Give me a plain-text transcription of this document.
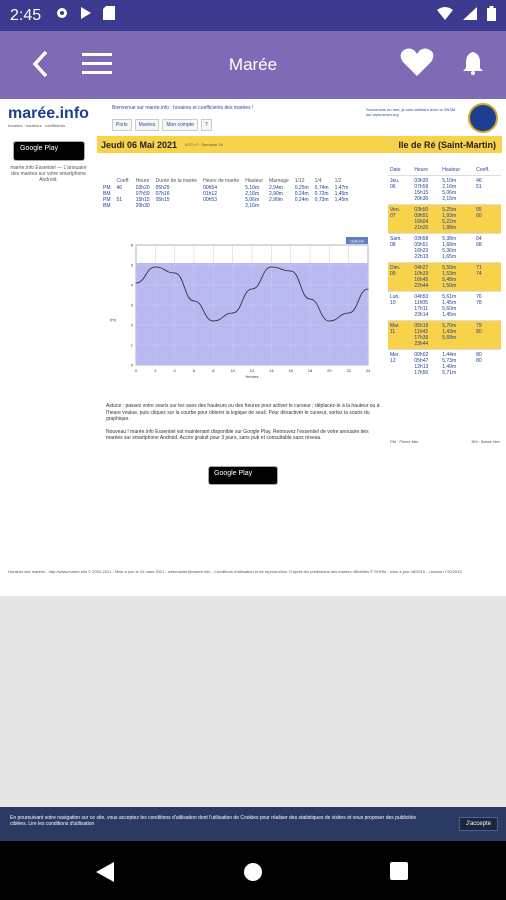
2:45
Marée
marée.info
horaires · hauteurs · coefficients
Bienvenue sur marée.info : horaires et coefficients des marées !
Ports	Marées	Mon compte	?
Souvenons en mer, je suis solidaire avec la SNSM sur www.snsm.org
Google Play
marée.info Essentiel — L'annuaire des marées sur votre smartphone Android.
Jeudi 06 Mai 2021 UTC+2 · Semaine 18	Ile de Ré (Saint-Martin)
	Coeff.	Heure	Durée de la marée	Heure de marée	Hauteur	Marnage	1/12	1/4	1/2
PM	46	03h20	05h29	00h54	5,10m	2,94m	0,25m	0,74m	1,47m
BM		07h59	07h16	01h12	2,16m	2,90m	0,24m	0,72m	1,45m
PM	51	15h15	05h15	00h53	5,06m	2,90m	0,24m	0,73m	1,45m
BM		20h30			2,16m				
0	2	4	6	8	10	12	14	16	18	20	22	24
0
1
2
3
4
5
6
Heures
(m)
Options

Astuce : passez votre souris sur les axes des hauteurs ou des heures pour activer le curseur ; déplacez-le à la hauteur ou à l'heure voulue, puis cliquez sur la courbe pour obtenir la logique de seuil. Pour désactiver le curseur, sortez la souris du graphique.

Nouveau ! marée.info Essentiel est maintenant disponible sur Google Play. Retrouvez l'essentiel de votre annuaire des marées sur smartphone Android. Accès gratuit pour 3 jours, sans pub et consultable sans réseau.

Google Play
Date	Heure	Hauteur	Coeff.
Jeu.
06	03h20
07h59
15h15
20h30	5,10m
2,16m
5,06m
2,16m	46
51
Ven.
07	03h50
09h51
16h04
21h26	5,25m
1,93m
5,22m
1,88m	55
60
Sam.
08	03h58
09h51
16h23
22h13	5,38m
1,68m
5,36m
1,65m	64
68
Dim.
09	04h27
10h33
16h45
22h44	5,50m
1,53m
5,48m
1,50m	71
74
Lun.
10	04h53
11h05
17h11
23h14	5,61m
1,45m
5,60m
1,45m	76
78
Mar.
11	05h19
11h43
17h39
23h44	5,70m
1,43m
5,68m	79
80
Mer.
12	00h02
05h47
12h13
17h50	1,44m
5,73m
1,49m
5,71m	80
80
PM : Pleine Mer	BM : Basse Mer
Horaires des marées - http://www.maree.info © 2002-2021 - Mise à jour le 24 mars 2021 - webmaster@maree.info - Conditions d'utilisation et de reproduction. D'après les prédictions des marées officielles © SHOM - mise à jour 06/2019 - Licence n°20/2015
En poursuivant votre navigation sur ce site, vous acceptez les conditions d'utilisation dont l'utilisation de Cookies pour réaliser des statistiques de visites et vous proposer des publicités ciblées. Lire les conditions d'utilisation	J'accepte
